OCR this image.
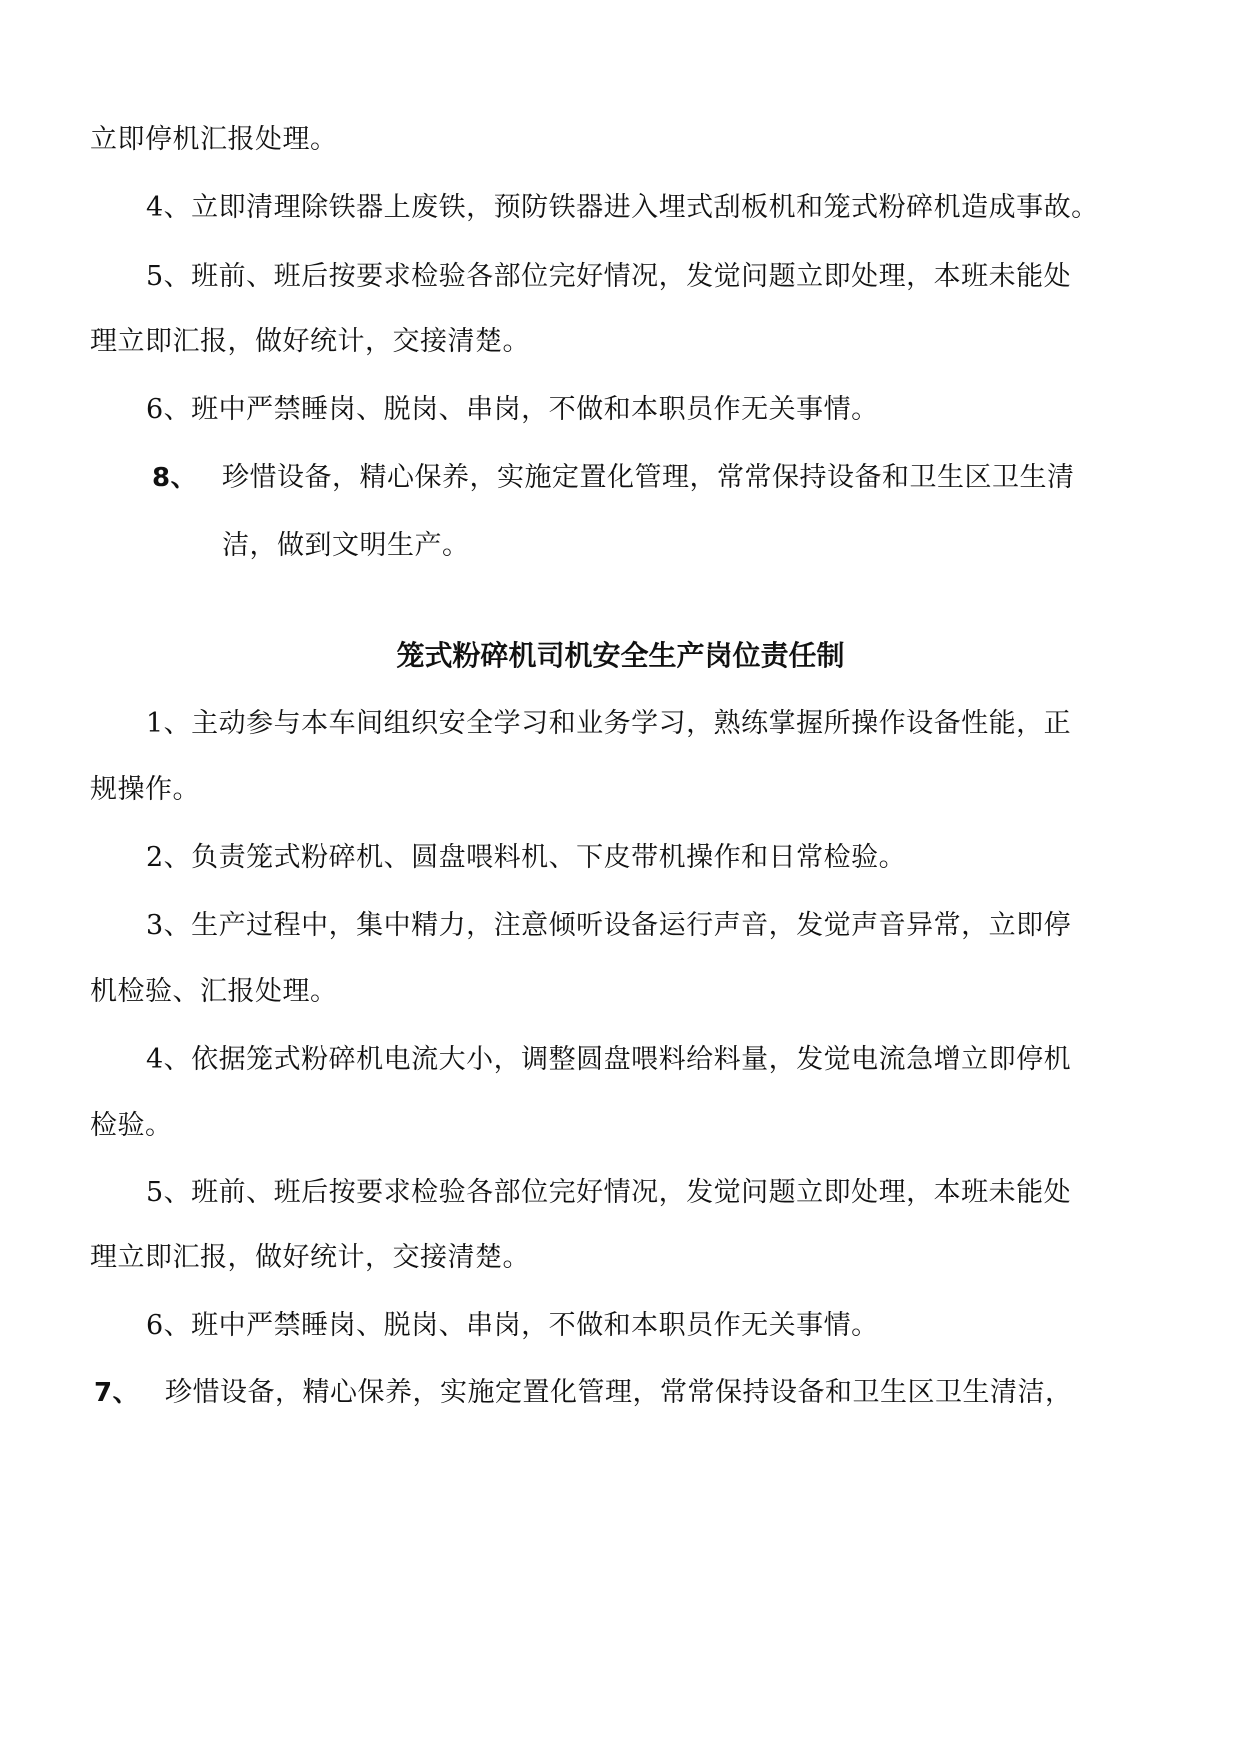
立即停机汇报处理。
4、立即清理除铁器上废铁，预防铁器进入埋式刮板机和笼式粉碎机造成事故。
5、班前、班后按要求检验各部位完好情况，发觉问题立即处理，本班未能处
理立即汇报，做好统计，交接清楚。
6、班中严禁睡岗、脱岗、串岗，不做和本职员作无关事情。
8、 珍惜设备，精心保养，实施定置化管理，常常保持设备和卫生区卫生清
洁，做到文明生产。
笼式粉碎机司机安全生产岗位责任制
1、主动参与本车间组织安全学习和业务学习，熟练掌握所操作设备性能，正
规操作。
2、负责笼式粉碎机、圆盘喂料机、下皮带机操作和日常检验。
3、生产过程中，集中精力，注意倾听设备运行声音，发觉声音异常，立即停
机检验、汇报处理。
4、依据笼式粉碎机电流大小，调整圆盘喂料给料量，发觉电流急增立即停机
检验。
5、班前、班后按要求检验各部位完好情况，发觉问题立即处理，本班未能处
理立即汇报，做好统计，交接清楚。
6、班中严禁睡岗、脱岗、串岗，不做和本职员作无关事情。
7、 珍惜设备，精心保养，实施定置化管理，常常保持设备和卫生区卫生清洁，
